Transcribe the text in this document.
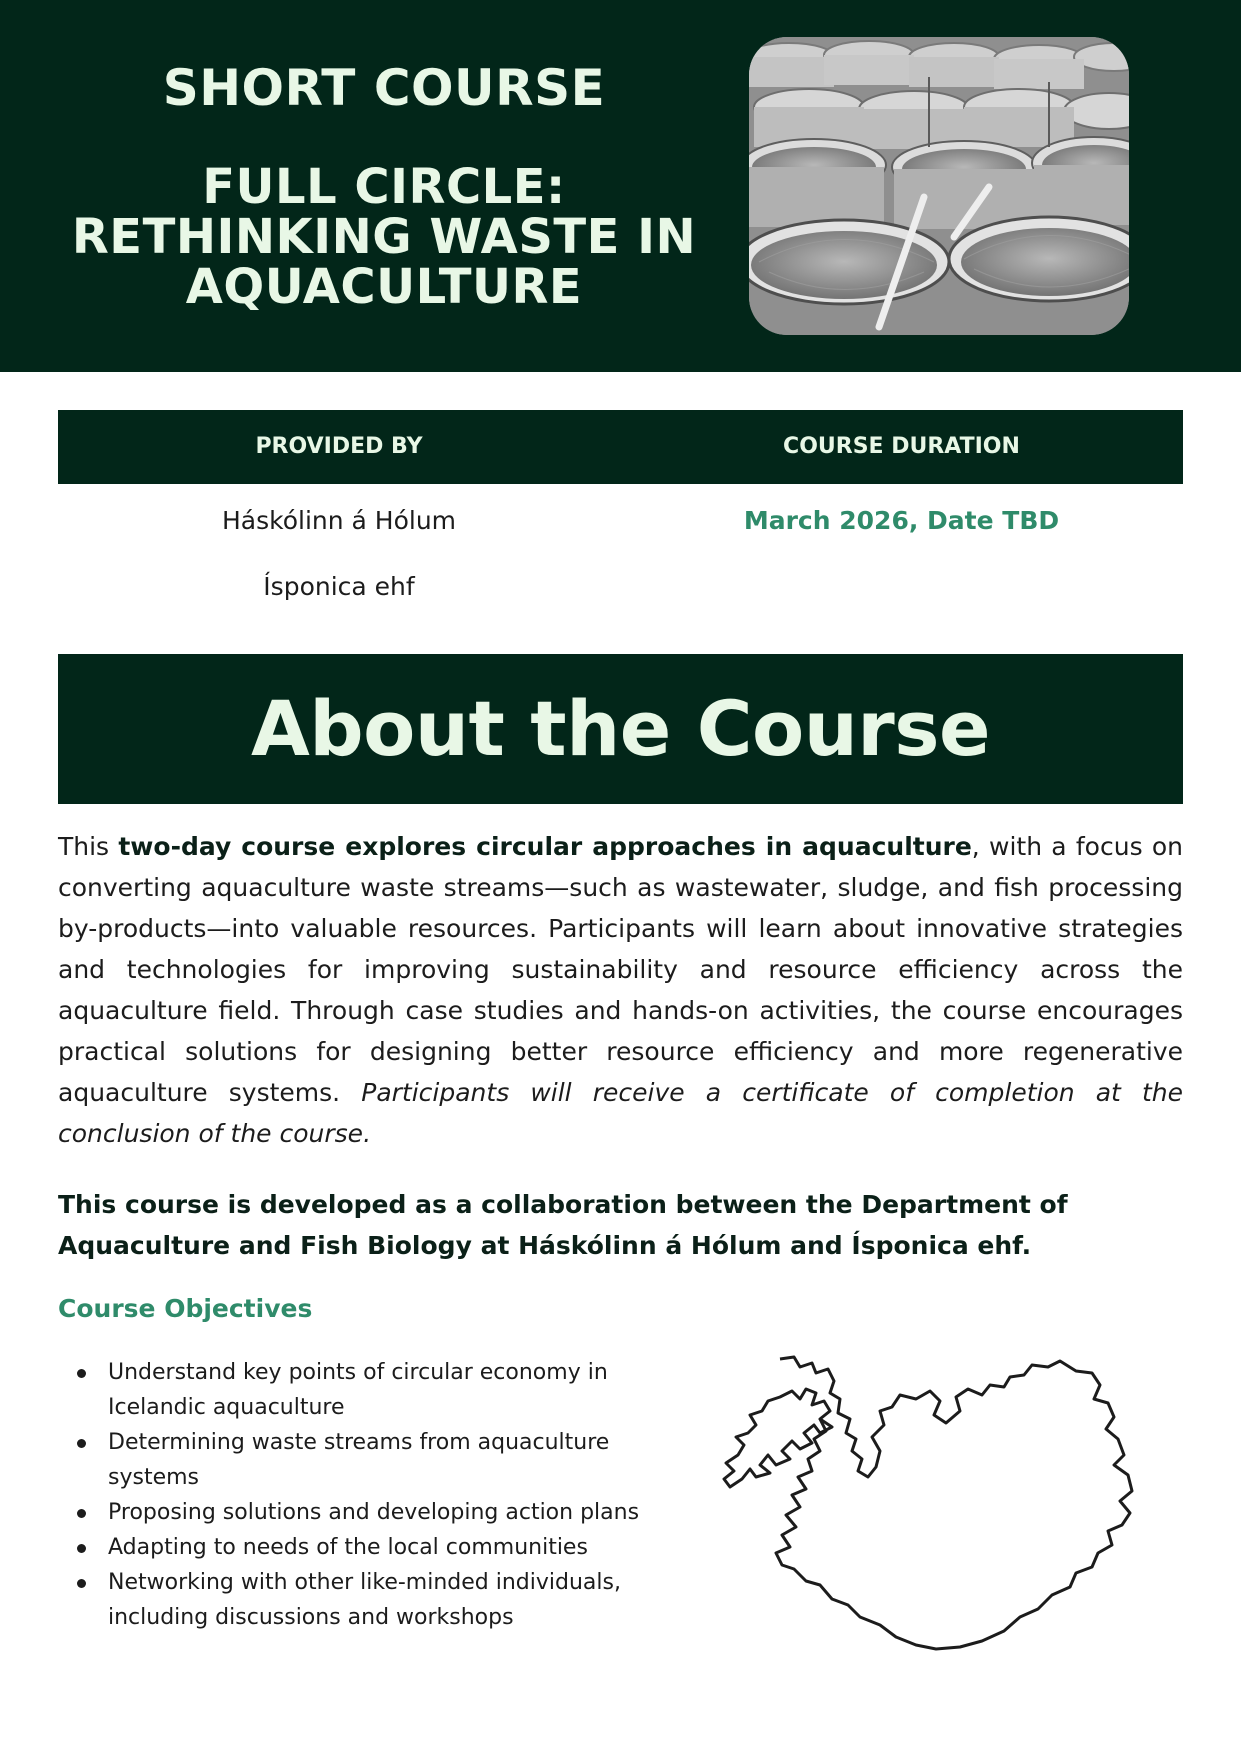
SHORT COURSE
FULL CIRCLE:
RETHINKING WASTE IN
AQUACULTURE
PROVIDED BY	COURSE DURATION
Háskólinn á Hólum
Ísponica ehf
March 2026, Date TBD
About the Course

This two-day course explores circular approaches in aquaculture, with a focus on converting aquaculture waste streams—such as wastewater, sludge, and fish processing by-products—into valuable resources. Participants will learn about innovative strategies and technologies for improving sustainability and resource efficiency across the aquaculture field. Through case studies and hands-on activities, the course encourages practical solutions for designing better resource efficiency and more regenerative aquaculture systems. Participants will receive a certificate of completion at the conclusion of the course.

This course is developed as a collaboration between the Department of Aquaculture and Fish Biology at Háskólinn á Hólum and Ísponica ehf.

Course Objectives
Understand key points of circular economy in Icelandic aquaculture
Determining waste streams from aquaculture systems
Proposing solutions and developing action plans
Adapting to needs of the local communities
Networking with other like-minded individuals, including discussions and workshops
